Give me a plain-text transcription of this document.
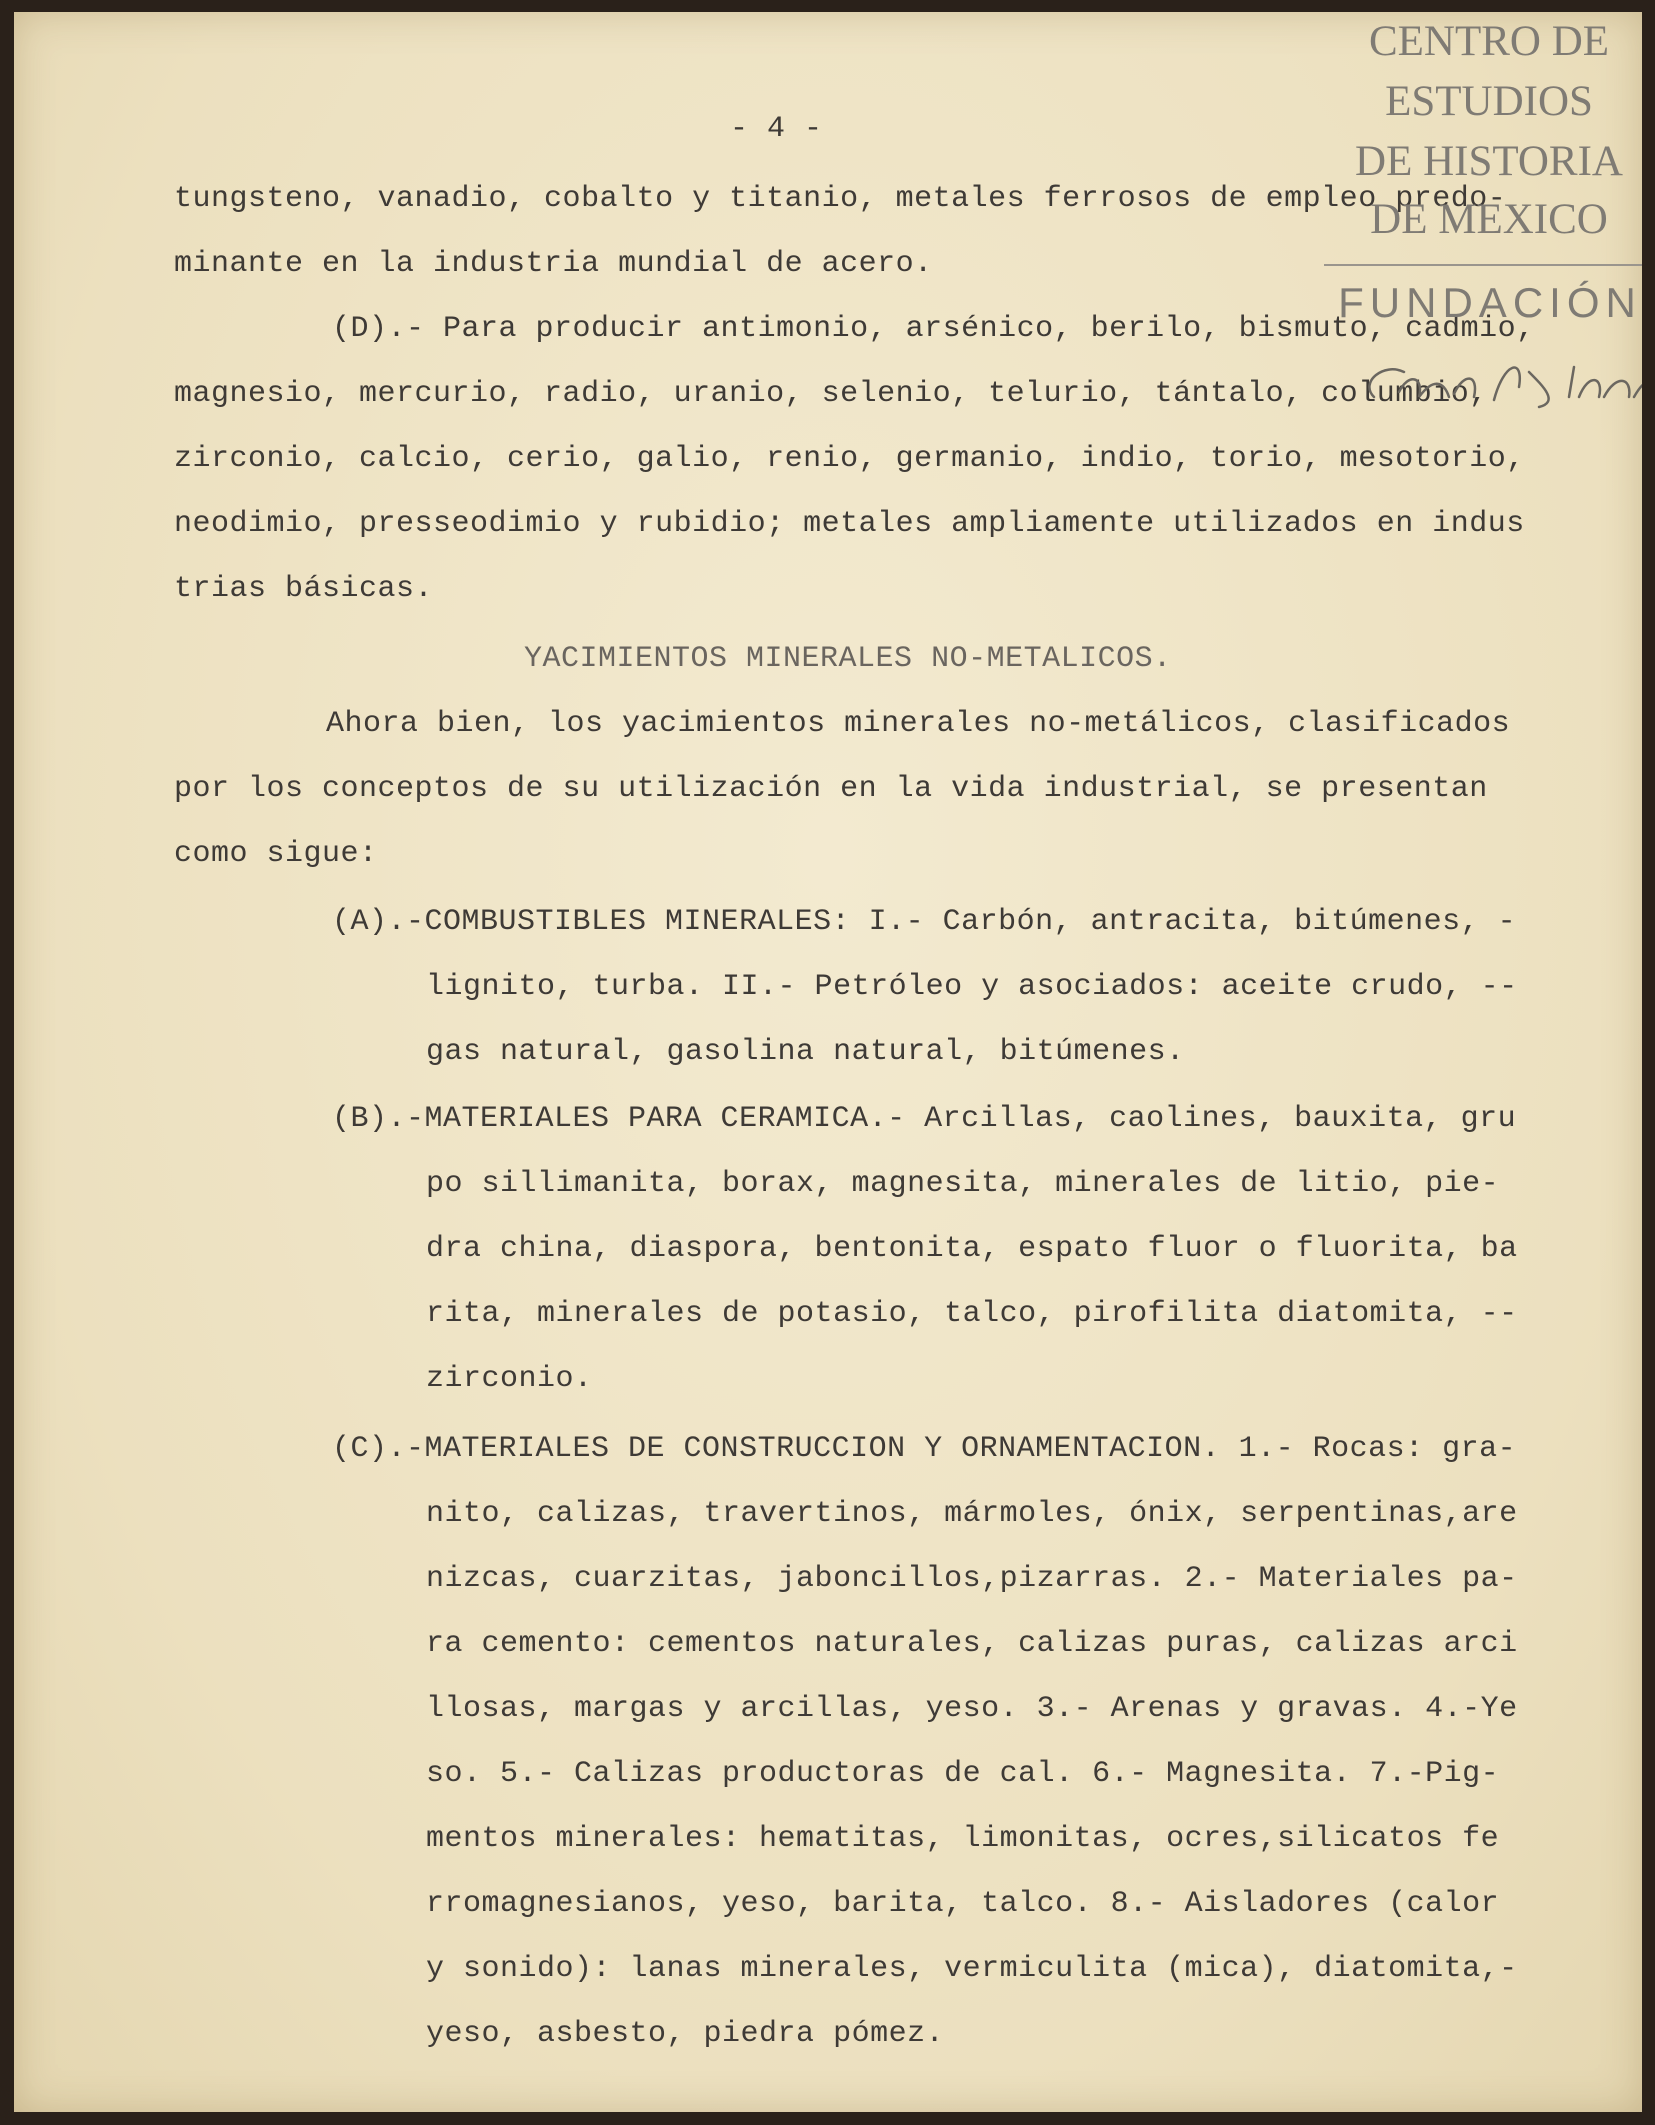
- 4 -
tungsteno, vanadio, cobalto y titanio, metales ferrosos de empleo predo-
minante en la industria mundial de acero.
(D).- Para producir antimonio, arsénico, berilo, bismuto, cadmio,
magnesio, mercurio, radio, uranio, selenio, telurio, tántalo, columbio,
zirconio, calcio, cerio, galio, renio, germanio, indio, torio, mesotorio,
neodimio, presseodimio y rubidio; metales ampliamente utilizados en indus
trias básicas.
YACIMIENTOS MINERALES NO-METALICOS.
Ahora bien, los yacimientos minerales no-metálicos, clasificados
por los conceptos de su utilización en la vida industrial, se presentan
como sigue:
(A).-COMBUSTIBLES MINERALES: I.- Carbón, antracita, bitúmenes, -
lignito, turba. II.- Petróleo y asociados: aceite crudo, --
gas natural, gasolina natural, bitúmenes.
(B).-MATERIALES PARA CERAMICA.- Arcillas, caolines, bauxita, gru
po sillimanita, borax, magnesita, minerales de litio, pie-
dra china, diaspora, bentonita, espato fluor o fluorita, ba
rita, minerales de potasio, talco, pirofilita diatomita, --
zirconio.
(C).-MATERIALES DE CONSTRUCCION Y ORNAMENTACION. 1.- Rocas: gra-
nito, calizas, travertinos, mármoles, ónix, serpentinas,are
nizcas, cuarzitas, jaboncillos,pizarras. 2.- Materiales pa-
ra cemento: cementos naturales, calizas puras, calizas arci
llosas, margas y arcillas, yeso. 3.- Arenas y gravas. 4.-Ye
so. 5.- Calizas productoras de cal. 6.- Magnesita. 7.-Pig-
mentos minerales: hematitas, limonitas, ocres,silicatos fe
rromagnesianos, yeso, barita, talco. 8.- Aisladores (calor
y sonido): lanas minerales, vermiculita (mica), diatomita,-
yeso, asbesto, piedra pómez.
CENTRO DE
ESTUDIOS
DE HISTORIA
DE MEXICO
FUNDACIÓN
